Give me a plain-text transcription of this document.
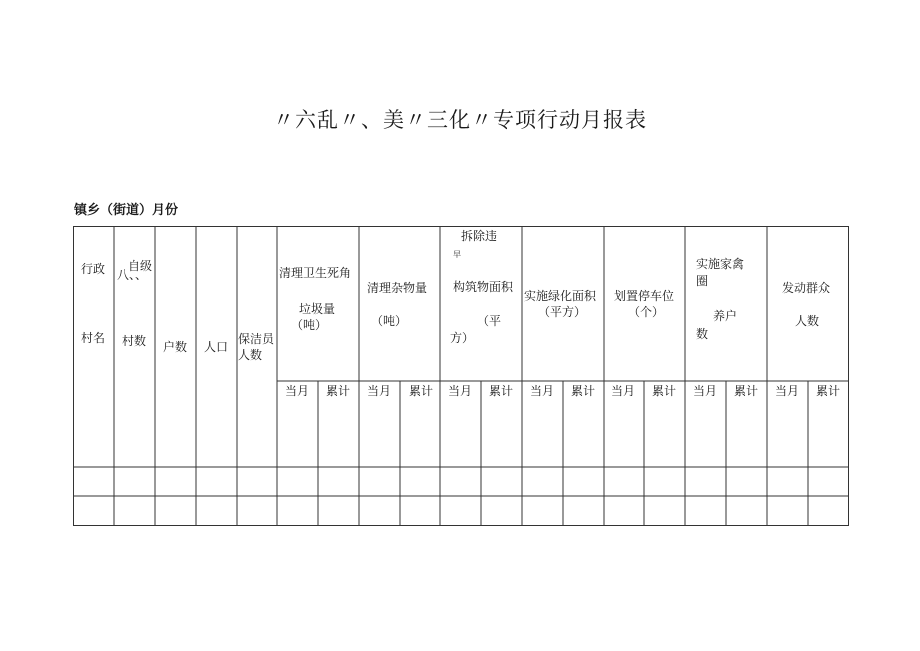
〃六乱〃、美〃三化〃专项行动月报表
镇乡（街道）月份
行政
村名
自级
八、、
村数 户数 人口
保洁员
人数
清理卫生死角
垃圾量
（吨）
清理杂物量
（吨）
拆除违
早
构筑物面积
（平
方）
实施绿化面积
（平方）
划置停车位
（个）
实施家禽
圈
养户
数
发动群众
人数
当月 累计 当月 累计 当月 累计 当月 累计 当月 累计 当月 累计 当月 累计
